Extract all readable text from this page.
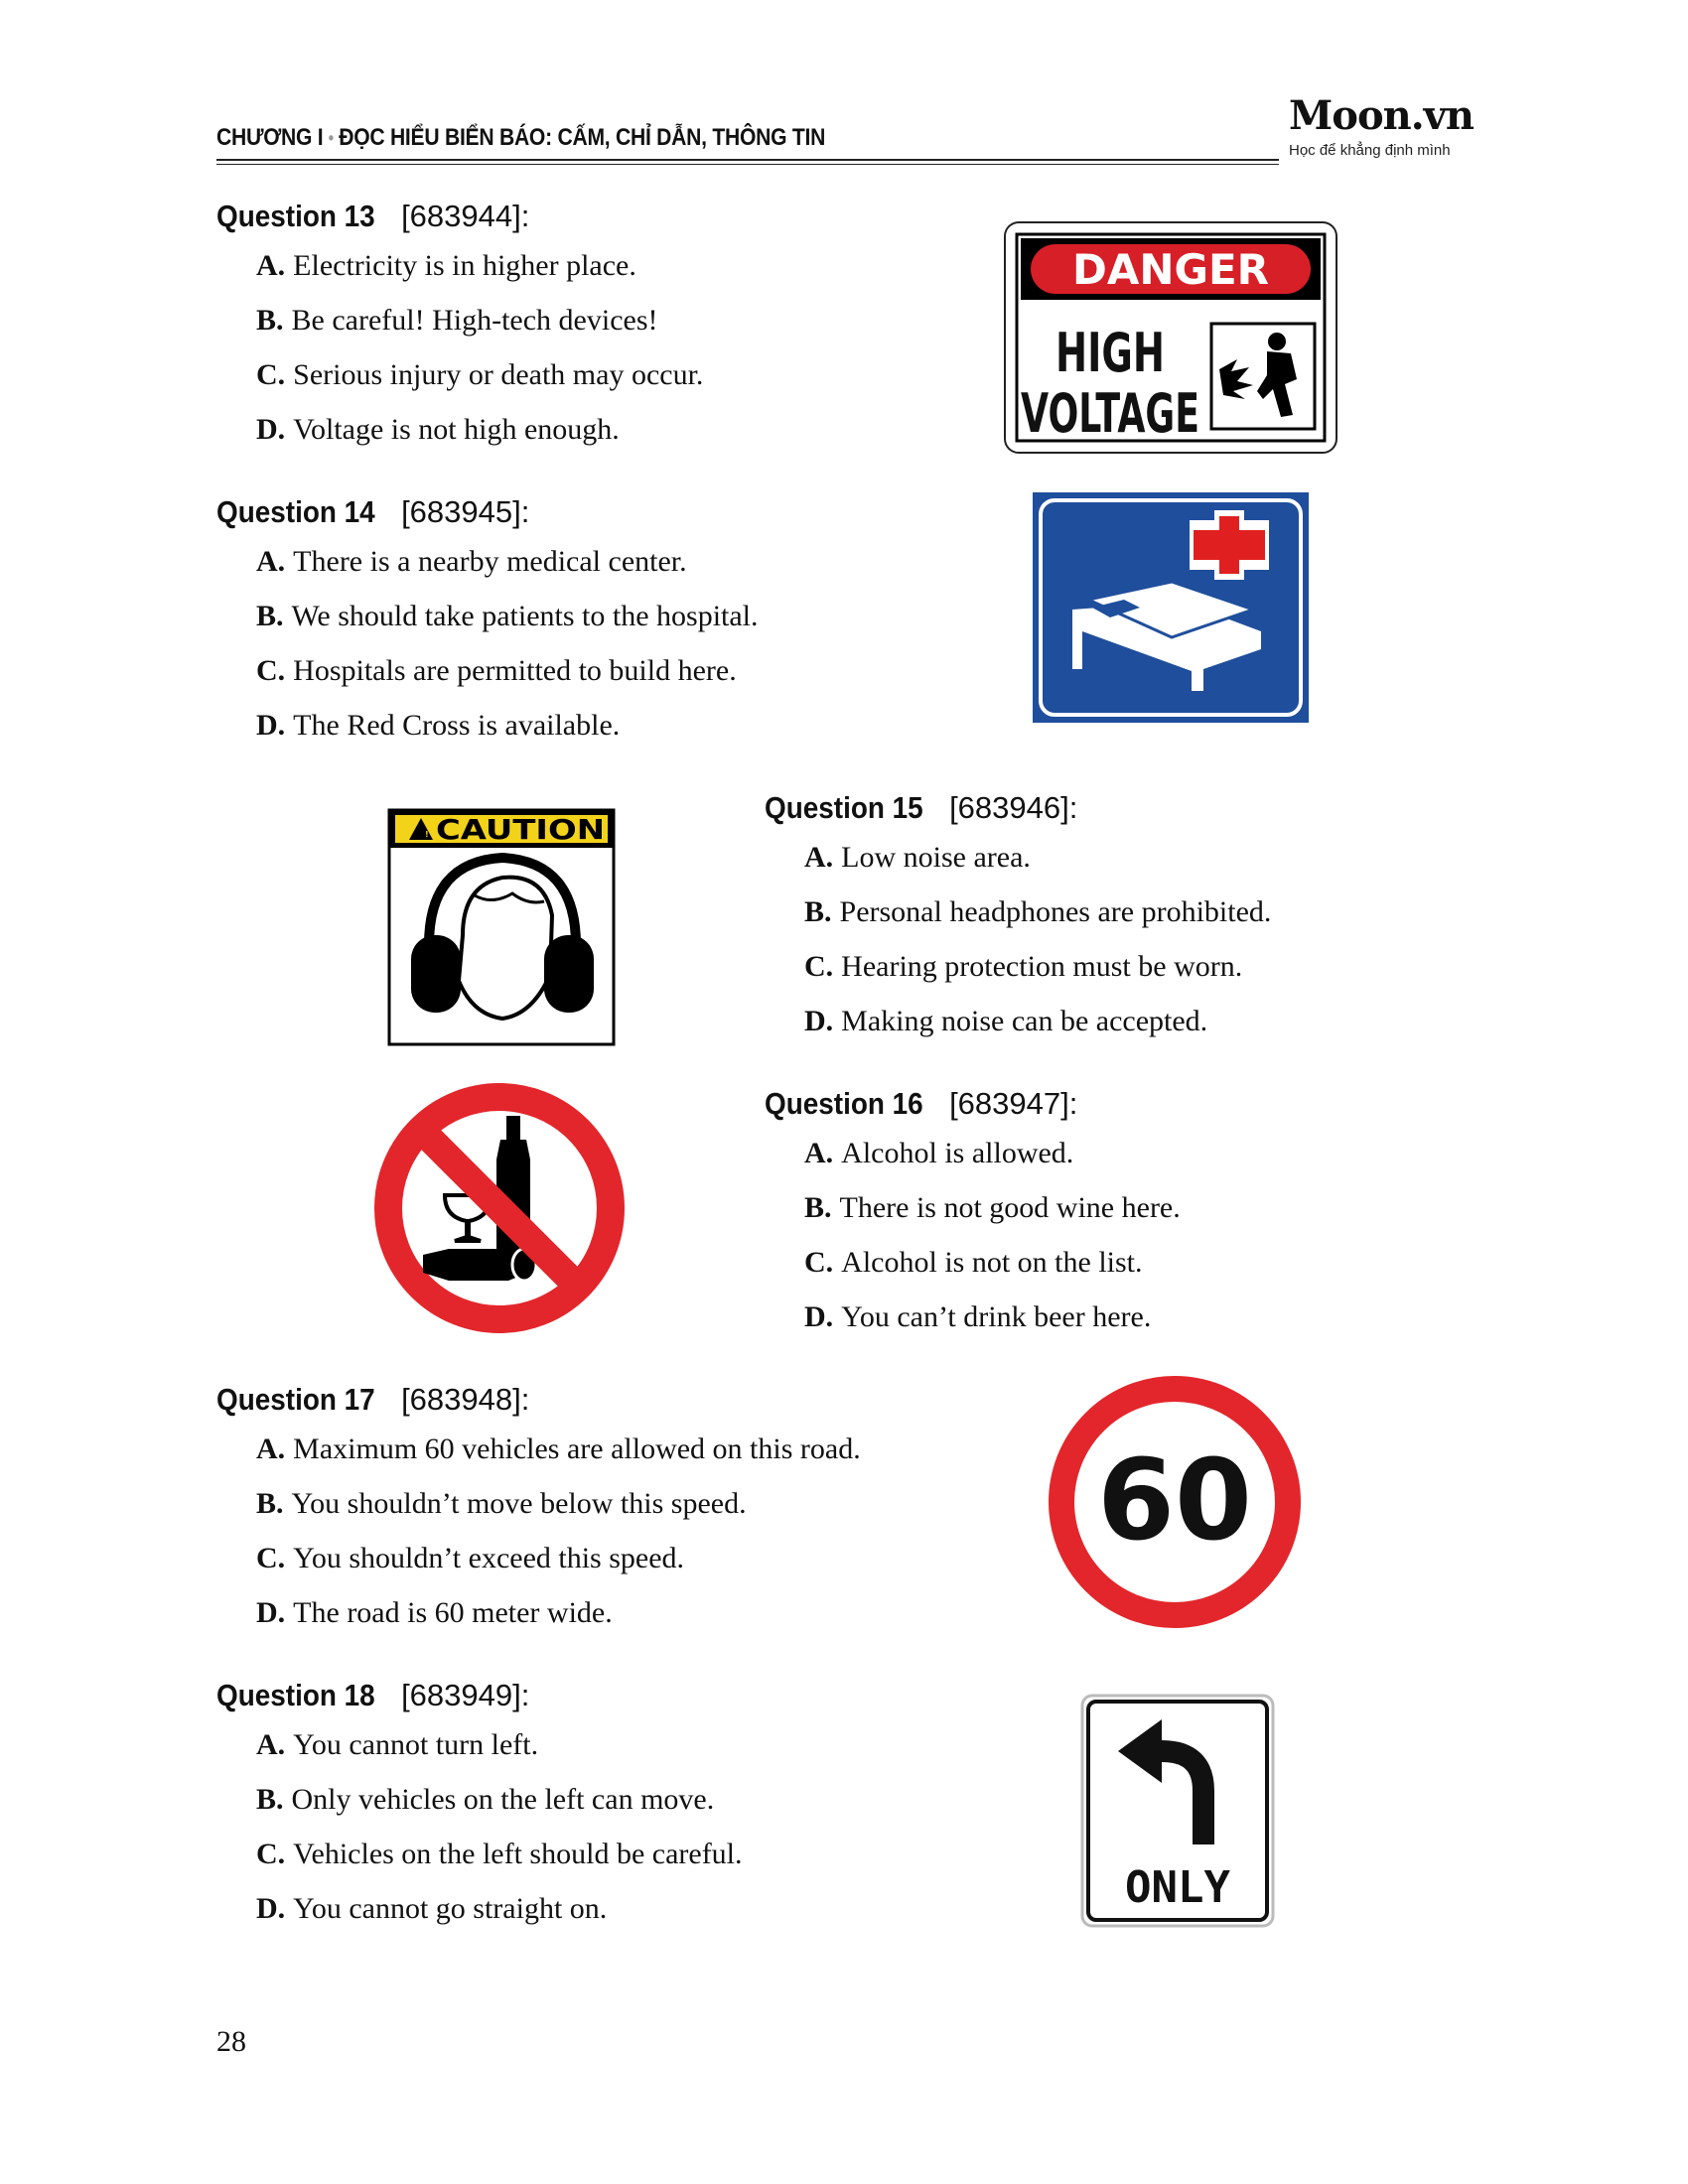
CHƯƠNG I • ĐỌC HIỂU BIỂN BÁO: CẤM, CHỈ DẪN, THÔNG TIN	Moon.vn
Học để khẳng định mình
Question 13 [683944]:
A. Electricity is in higher place.
B. Be careful! High-tech devices!
C. Serious injury or death may occur.
D. Voltage is not high enough.
DANGER
HIGH
VOLTAGE
Question 14 [683945]:
A. There is a nearby medical center.
B. We should take patients to the hospital.
C. Hospitals are permitted to build here.
D. The Red Cross is available.
! CAUTION
Question 15 [683946]:
A. Low noise area.
B. Personal headphones are prohibited.
C. Hearing protection must be worn.
D. Making noise can be accepted.
Question 16 [683947]:
A. Alcohol is allowed.
B. There is not good wine here.
C. Alcohol is not on the list.
D. You can’t drink beer here.
Question 17 [683948]:
A. Maximum 60 vehicles are allowed on this road.
B. You shouldn’t move below this speed.
C. You shouldn’t exceed this speed.
D. The road is 60 meter wide.
60
Question 18 [683949]:
A. You cannot turn left.
B. Only vehicles on the left can move.
C. Vehicles on the left should be careful.
D. You cannot go straight on.	ONLY
28
